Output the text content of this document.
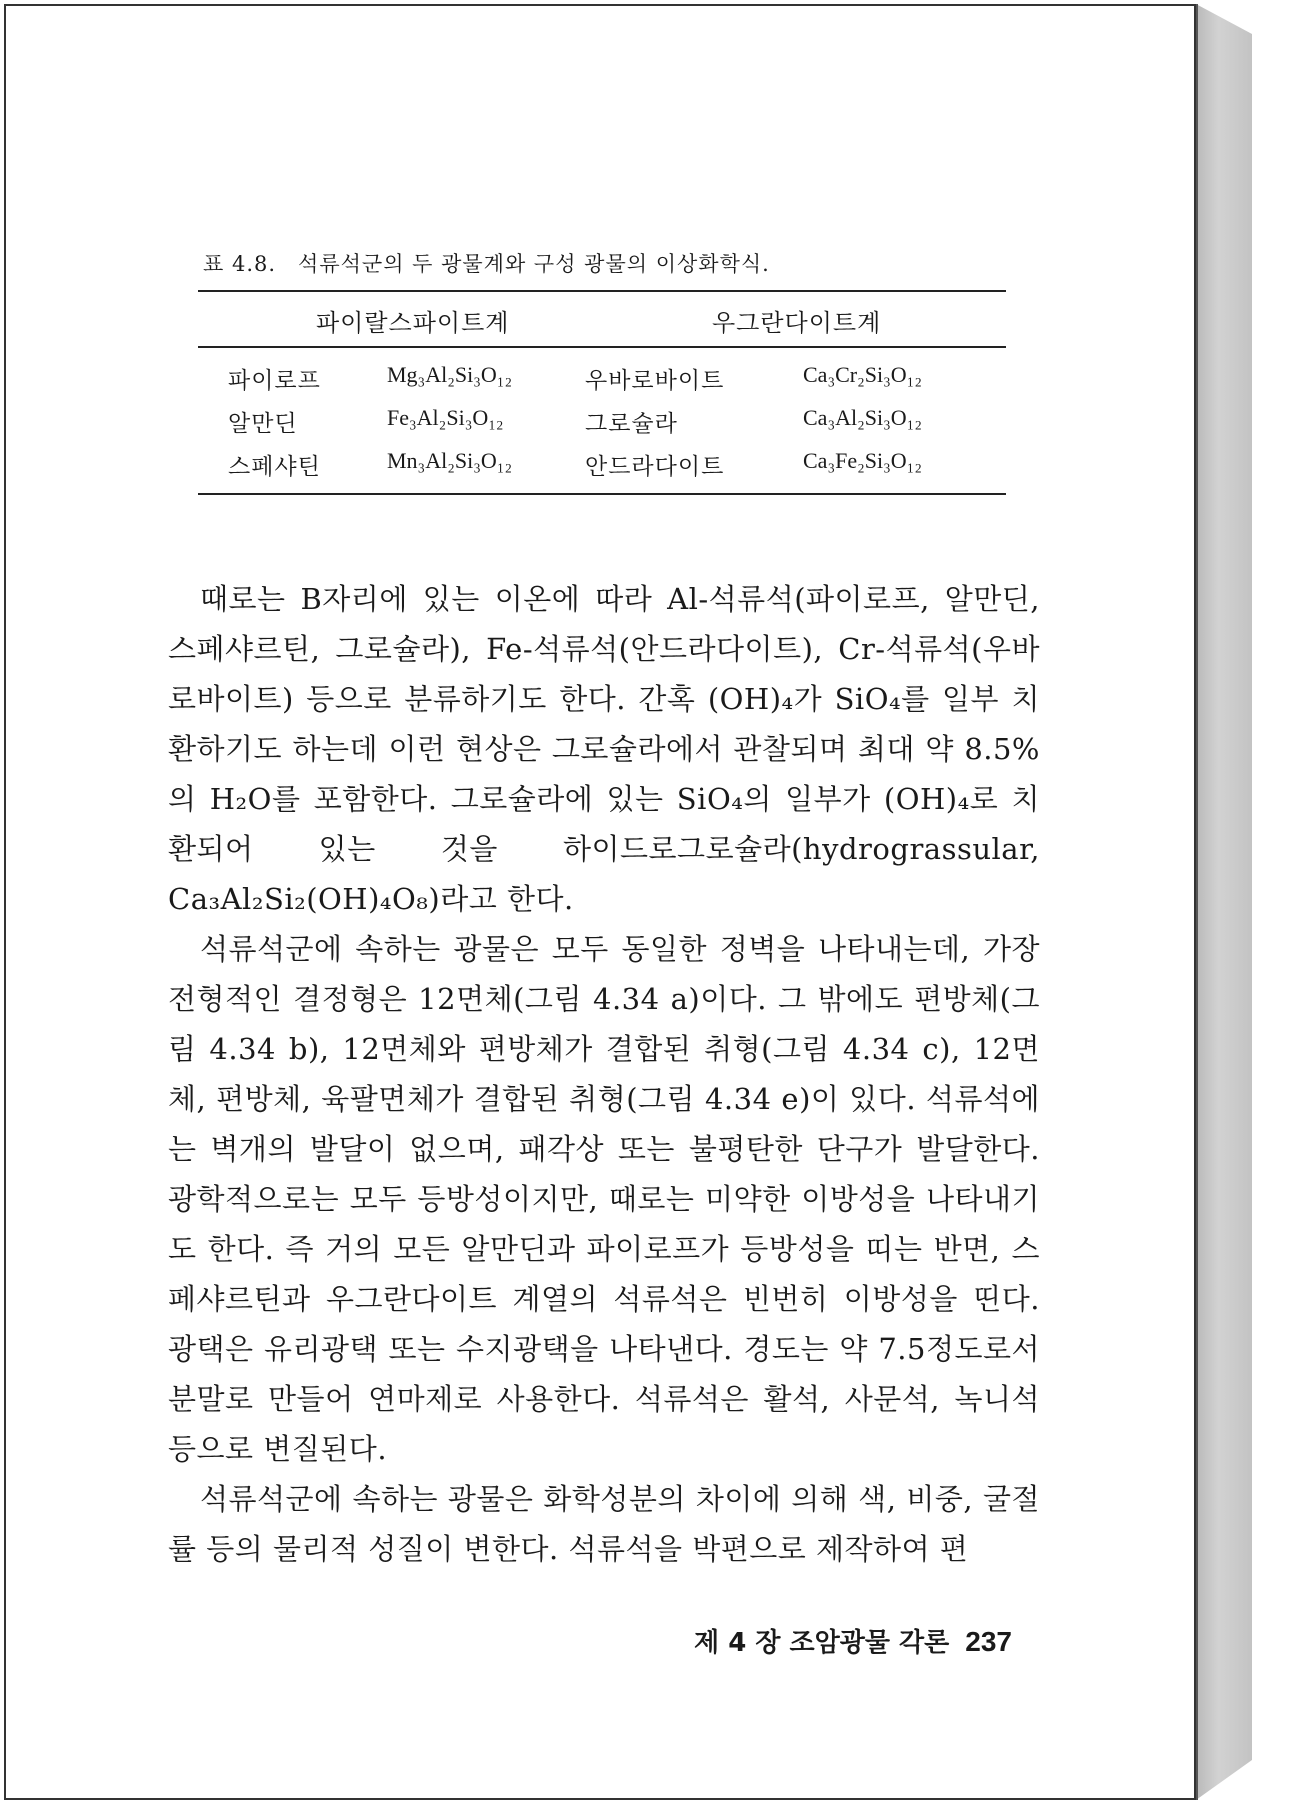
표 4.8. 석류석군의 두 광물계와 구성 광물의 이상화학식.
파이랄스파이트계	우그란다이트계
파이로프	Mg₃Al₂Si₃O₁₂	우바로바이트	Ca₃Cr₂Si₃O₁₂
알만딘	Fe₃Al₂Si₃O₁₂	그로슐라	Ca₃Al₂Si₃O₁₂
스페샤틴	Mn₃Al₂Si₃O₁₂	안드라다이트	Ca₃Fe₂Si₃O₁₂

때로는 B자리에 있는 이온에 따라 Al-석류석(파이로프, 알만딘, 스페샤르틴, 그로슐라), Fe-석류석(안드라다이트), Cr-석류석(우바로바이트) 등으로 분류하기도 한다. 간혹 (OH)₄가 SiO₄를 일부 치환하기도 하는데 이런 현상은 그로슐라에서 관찰되며 최대 약 8.5% 의 H₂O를 포함한다. 그로슐라에 있는 SiO₄의 일부가 (OH)₄로 치환되어 있는 것을 하이드로그로슐라(hydrograssular, Ca₃Al₂Si₂(OH)₄O₈)라고 한다.

석류석군에 속하는 광물은 모두 동일한 정벽을 나타내는데, 가장 전형적인 결정형은 12면체(그림 4.34 a)이다. 그 밖에도 편방체(그림 4.34 b), 12면체와 편방체가 결합된 취형(그림 4.34 c), 12면체, 편방체, 육팔면체가 결합된 취형(그림 4.34 e)이 있다. 석류석에는 벽개의 발달이 없으며, 패각상 또는 불평탄한 단구가 발달한다. 광학적으로는 모두 등방성이지만, 때로는 미약한 이방성을 나타내기도 한다. 즉 거의 모든 알만딘과 파이로프가 등방성을 띠는 반면, 스페샤르틴과 우그란다이트 계열의 석류석은 빈번히 이방성을 띤다. 광택은 유리광택 또는 수지광택을 나타낸다. 경도는 약 7.5정도로서 분말로 만들어 연마제로 사용한다. 석류석은 활석, 사문석, 녹니석 등으로 변질된다.

석류석군에 속하는 광물은 화학성분의 차이에 의해 색, 비중, 굴절률 등의 물리적 성질이 변한다. 석류석을 박편으로 제작하여 편

제 4 장 조암광물 각론 237
